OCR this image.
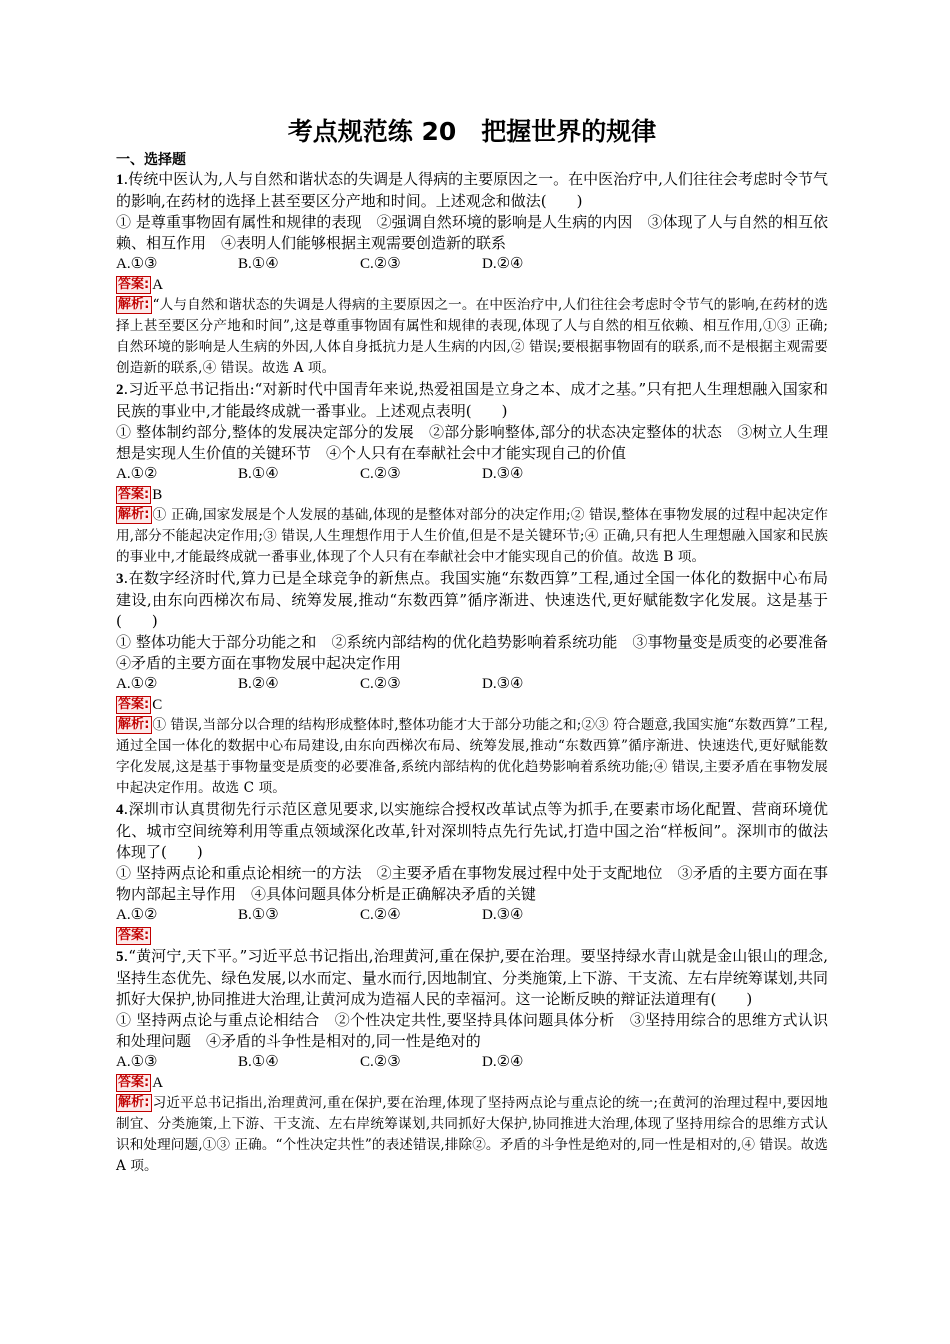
考点规范练 20　把握世界的规律

一、选择题

1.传统中医认为,人与自然和谐状态的失调是人得病的主要原因之一。在中医治疗中,人们往往会考虑时令节气的影响,在药材的选择上甚至要区分产地和时间。上述观念和做法(　　)

① 是尊重事物固有属性和规律的表现　②强调自然环境的影响是人生病的内因　③体现了人与自然的相互依赖、相互作用　④表明人们能够根据主观需要创造新的联系

A.①③	B.①④	C.②③	D.②④

答案: A

解析: “人与自然和谐状态的失调是人得病的主要原因之一。在中医治疗中,人们往往会考虑时令节气的影响,在药材的选择上甚至要区分产地和时间”,这是尊重事物固有属性和规律的表现,体现了人与自然的相互依赖、相互作用,①③ 正确;自然环境的影响是人生病的外因,人体自身抵抗力是人生病的内因,② 错误;要根据事物固有的联系,而不是根据主观需要创造新的联系,④ 错误。故选 A 项。

2.习近平总书记指出:“对新时代中国青年来说,热爱祖国是立身之本、成才之基。”只有把人生理想融入国家和民族的事业中,才能最终成就一番事业。上述观点表明(　　)

① 整体制约部分,整体的发展决定部分的发展　②部分影响整体,部分的状态决定整体的状态　③树立人生理想是实现人生价值的关键环节　④个人只有在奉献社会中才能实现自己的价值

A.①②	B.①④	C.②③	D.③④

答案: B

解析: ① 正确,国家发展是个人发展的基础,体现的是整体对部分的决定作用;② 错误,整体在事物发展的过程中起决定作用,部分不能起决定作用;③ 错误,人生理想作用于人生价值,但是不是关键环节;④ 正确,只有把人生理想融入国家和民族的事业中,才能最终成就一番事业,体现了个人只有在奉献社会中才能实现自己的价值。故选 B 项。

3.在数字经济时代,算力已是全球竞争的新焦点。我国实施“东数西算”工程,通过全国一体化的数据中心布局建设,由东向西梯次布局、统筹发展,推动“东数西算”循序渐进、快速迭代,更好赋能数字化发展。这是基于(　　)

① 整体功能大于部分功能之和　②系统内部结构的优化趋势影响着系统功能　③事物量变是质变的必要准备　④矛盾的主要方面在事物发展中起决定作用

A.①②	B.②④	C.②③	D.③④

答案: C

解析: ① 错误,当部分以合理的结构形成整体时,整体功能才大于部分功能之和;②③ 符合题意,我国实施“东数西算”工程,通过全国一体化的数据中心布局建设,由东向西梯次布局、统筹发展,推动“东数西算”循序渐进、快速迭代,更好赋能数字化发展,这是基于事物量变是质变的必要准备,系统内部结构的优化趋势影响着系统功能;④ 错误,主要矛盾在事物发展中起决定作用。故选 C 项。

4.深圳市认真贯彻先行示范区意见要求,以实施综合授权改革试点等为抓手,在要素市场化配置、营商环境优化、城市空间统筹利用等重点领域深化改革,针对深圳特点先行先试,打造中国之治“样板间”。深圳市的做法体现了(　　)

① 坚持两点论和重点论相统一的方法　②主要矛盾在事物发展过程中处于支配地位　③矛盾的主要方面在事物内部起主导作用　④具体问题具体分析是正确解决矛盾的关键

A.①②	B.①③	C.②④	D.③④

答案:

5.“黄河宁,天下平。”习近平总书记指出,治理黄河,重在保护,要在治理。要坚持绿水青山就是金山银山的理念,坚持生态优先、绿色发展,以水而定、量水而行,因地制宜、分类施策,上下游、干支流、左右岸统筹谋划,共同抓好大保护,协同推进大治理,让黄河成为造福人民的幸福河。这一论断反映的辩证法道理有(　　)

① 坚持两点论与重点论相结合　②个性决定共性,要坚持具体问题具体分析　③坚持用综合的思维方式认识和处理问题　④矛盾的斗争性是相对的,同一性是绝对的

A.①③	B.①④	C.②③	D.②④

答案: A

解析: 习近平总书记指出,治理黄河,重在保护,要在治理,体现了坚持两点论与重点论的统一;在黄河的治理过程中,要因地制宜、分类施策,上下游、干支流、左右岸统筹谋划,共同抓好大保护,协同推进大治理,体现了坚持用综合的思维方式认识和处理问题,①③ 正确。“个性决定共性”的表述错误,排除②。矛盾的斗争性是绝对的,同一性是相对的,④ 错误。故选 A 项。
